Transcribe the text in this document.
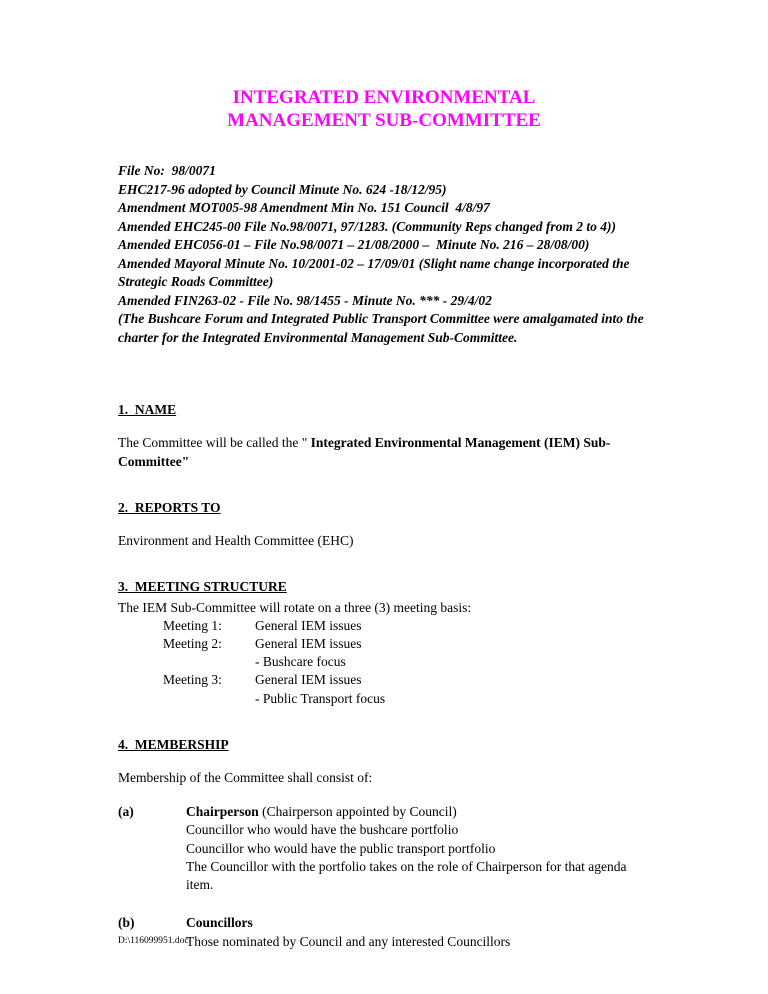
INTEGRATED ENVIRONMENTAL
MANAGEMENT SUB-COMMITTEE

File No:  98/0071

EHC217-96 adopted by Council Minute No. 624 -18/12/95)

Amendment MOT005-98 Amendment Min No. 151 Council  4/8/97

Amended EHC245-00 File No.98/0071, 97/1283. (Community Reps changed from 2 to 4))

Amended EHC056-01 – File No.98/0071 – 21/08/2000 –  Minute No. 216 – 28/08/00)

Amended Mayoral Minute No. 10/2001-02 – 17/09/01 (Slight name change incorporated the Strategic Roads Committee)

Amended FIN263-02 - File No. 98/1455 - Minute No. *** - 29/4/02

(The Bushcare Forum and Integrated Public Transport Committee were amalgamated into the charter for the Integrated Environmental Management Sub-Committee.

1.  NAME

The Committee will be called the " Integrated Environmental Management (IEM) Sub-Committee"

2.  REPORTS TO

Environment and Health Committee (EHC)

3.  MEETING STRUCTURE

The IEM Sub-Committee will rotate on a three (3) meeting basis:

Meeting 1:	General IEM issues
Meeting 2:	General IEM issues
- Bushcare focus
Meeting 3:	General IEM issues
- Public Transport focus
4.  MEMBERSHIP

Membership of the Committee shall consist of:

(a)	Chairperson (Chairperson appointed by Council)

Councillor who would have the bushcare portfolio

Councillor who would have the public transport portfolio

The Councillor with the portfolio takes on the role of Chairperson for that agenda item.

(b)	Councillors

Those nominated by Council and any interested Councillors

D:\116099951.doc
